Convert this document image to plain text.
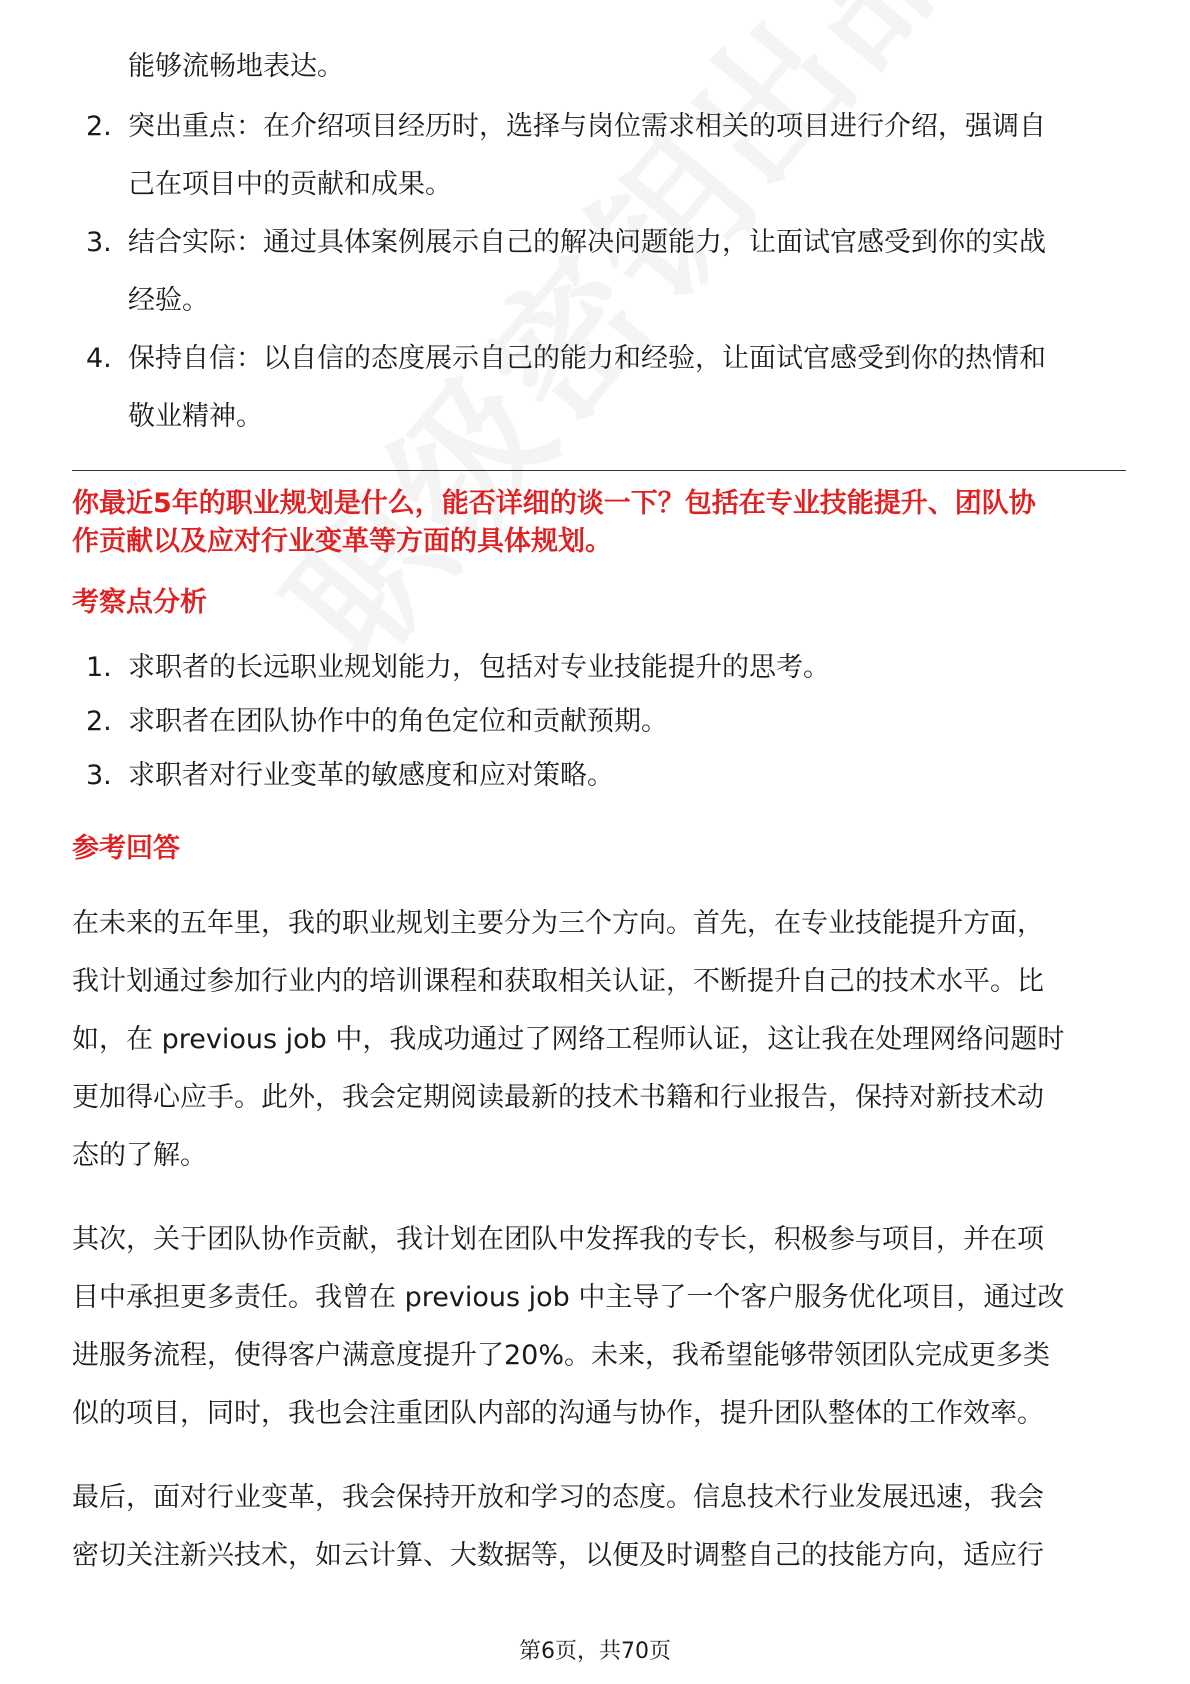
能够流畅地表达。
2. 突出重点：在介绍项目经历时，选择与岗位需求相关的项目进行介绍，强调自
己在项目中的贡献和成果。
3. 结合实际：通过具体案例展示自己的解决问题能力，让面试官感受到你的实战
经验。
4. 保持自信：以自信的态度展示自己的能力和经验，让面试官感受到你的热情和
敬业精神。
你最近5年的职业规划是什么，能否详细的谈一下？包括在专业技能提升、团队协
作贡献以及应对行业变革等方面的具体规划。
考察点分析
1. 求职者的长远职业规划能力，包括对专业技能提升的思考。
2. 求职者在团队协作中的角色定位和贡献预期。
3. 求职者对行业变革的敏感度和应对策略。
参考回答
在未来的五年里，我的职业规划主要分为三个方向。首先，在专业技能提升方面，
我计划通过参加行业内的培训课程和获取相关认证，不断提升自己的技术水平。比
如，在 previous job 中，我成功通过了网络工程师认证，这让我在处理网络问题时
更加得心应手。此外，我会定期阅读最新的技术书籍和行业报告，保持对新技术动
态的了解。
其次，关于团队协作贡献，我计划在团队中发挥我的专长，积极参与项目，并在项
目中承担更多责任。我曾在 previous job 中主导了一个客户服务优化项目，通过改
进服务流程，使得客户满意度提升了20%。未来，我希望能够带领团队完成更多类
似的项目，同时，我也会注重团队内部的沟通与协作，提升团队整体的工作效率。
最后，面对行业变革，我会保持开放和学习的态度。信息技术行业发展迅速，我会
密切关注新兴技术，如云计算、大数据等，以便及时调整自己的技能方向，适应行
第6页，共70页
